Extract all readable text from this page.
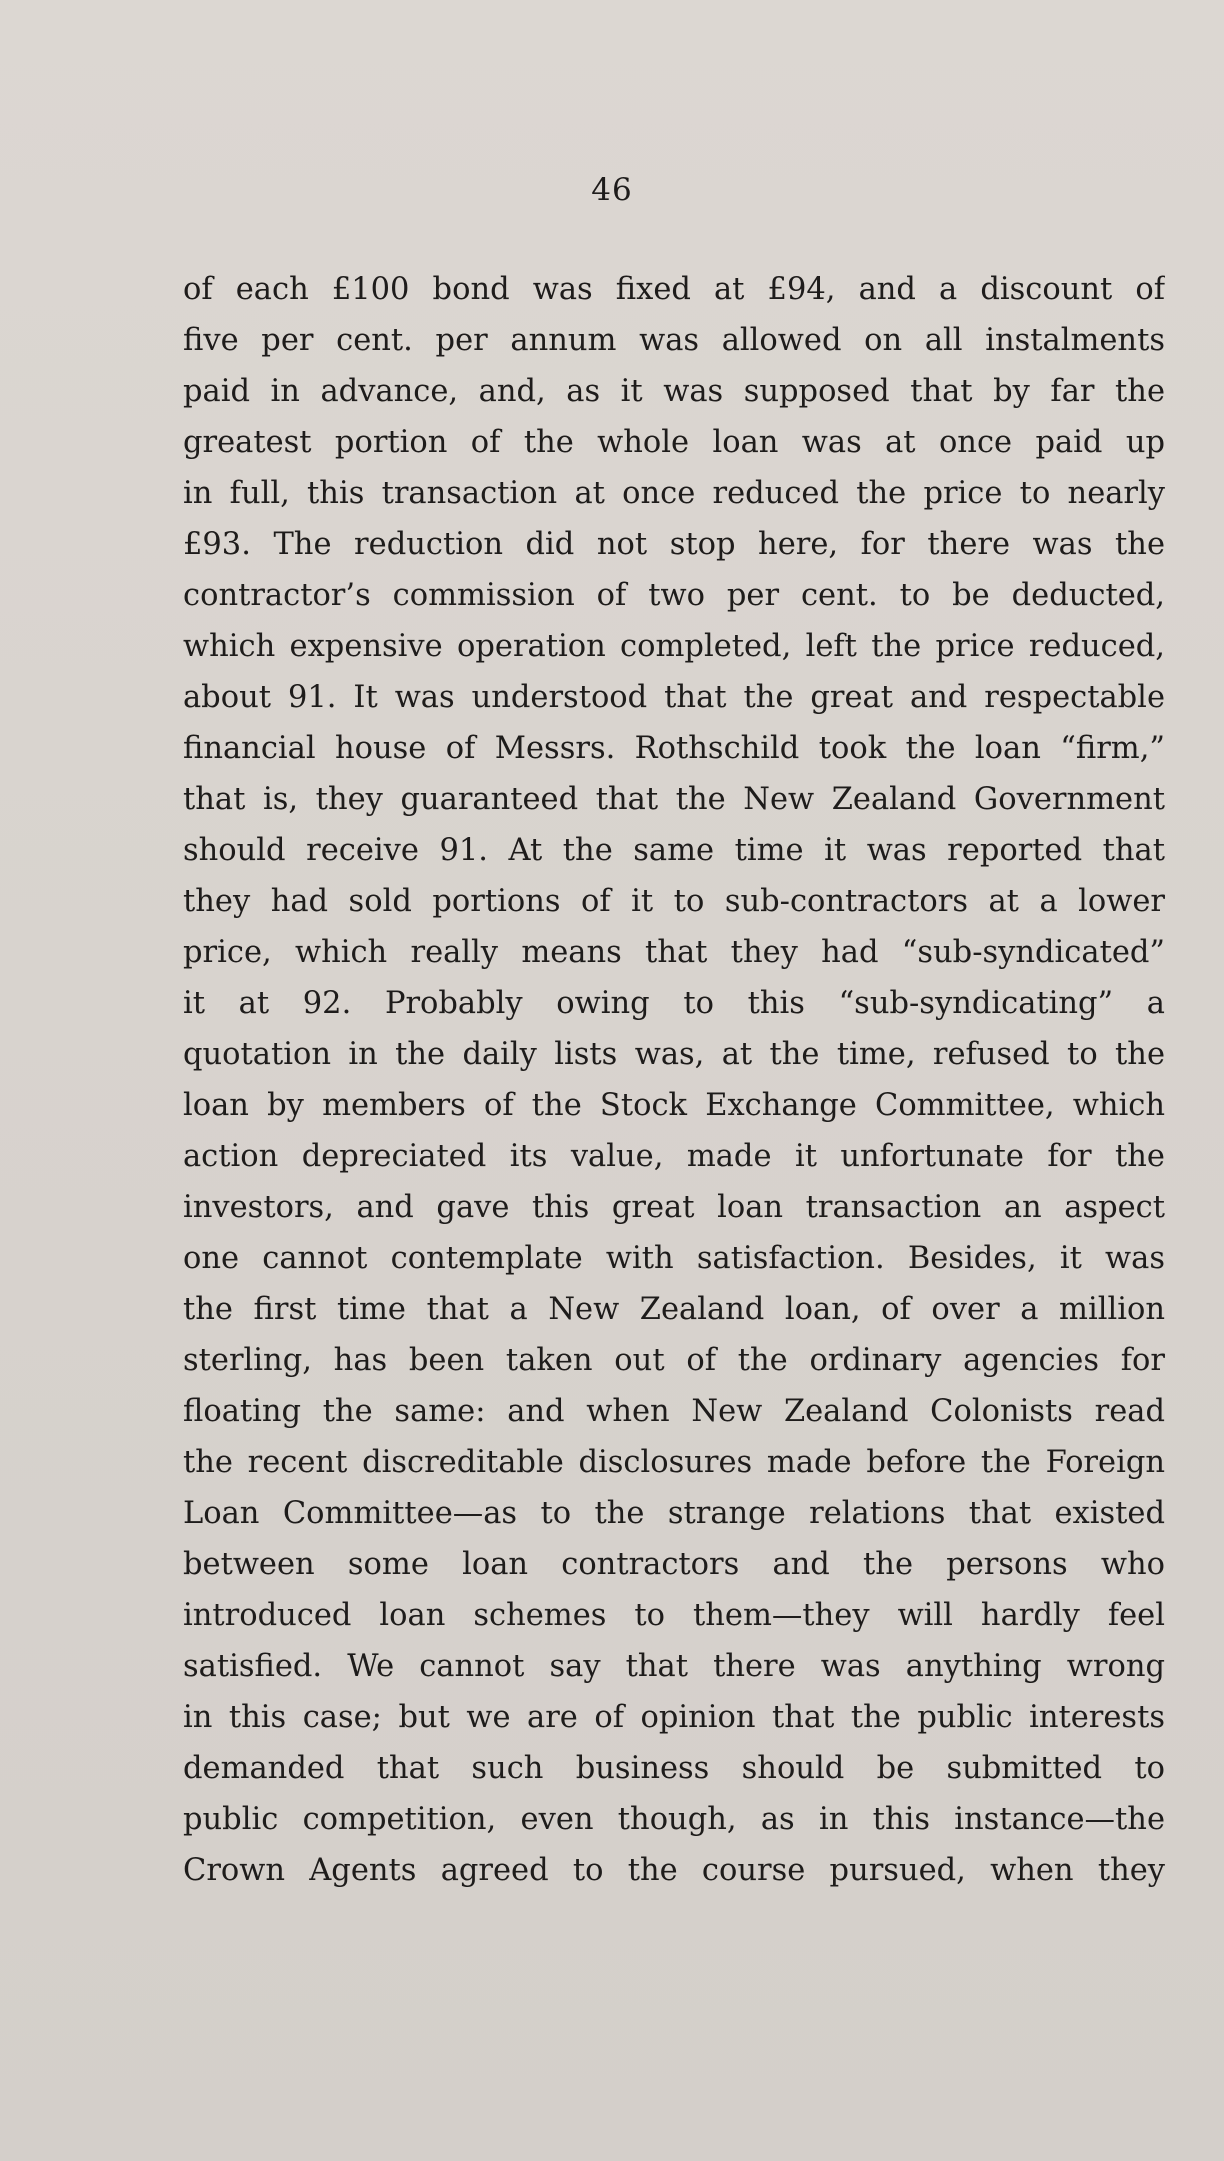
46
of each £100 bond was fixed at £94, and a discount of
five per cent. per annum was allowed on all instalments
paid in advance, and, as it was supposed that by far the
greatest portion of the whole loan was at once paid up
in full, this transaction at once reduced the price to nearly
£93. The reduction did not stop here, for there was the
contractor’s commission of two per cent. to be deducted,
which expensive operation completed, left the price reduced,
about 91. It was understood that the great and respectable
financial house of Messrs. Rothschild took the loan “firm,”
that is, they guaranteed that the New Zealand Government
should receive 91. At the same time it was reported that
they had sold portions of it to sub-contractors at a lower
price, which really means that they had “sub-syndicated”
it at 92. Probably owing to this “sub-syndicating” a
quotation in the daily lists was, at the time, refused to the
loan by members of the Stock Exchange Committee, which
action depreciated its value, made it unfortunate for the
investors, and gave this great loan transaction an aspect
one cannot contemplate with satisfaction. Besides, it was
the first time that a New Zealand loan, of over a million
sterling, has been taken out of the ordinary agencies for
floating the same: and when New Zealand Colonists read
the recent discreditable disclosures made before the Foreign
Loan Committee—as to the strange relations that existed
between some loan contractors and the persons who
introduced loan schemes to them—they will hardly feel
satisfied. We cannot say that there was anything wrong
in this case; but we are of opinion that the public interests
demanded that such business should be submitted to
public competition, even though, as in this instance—the
Crown Agents agreed to the course pursued, when they
